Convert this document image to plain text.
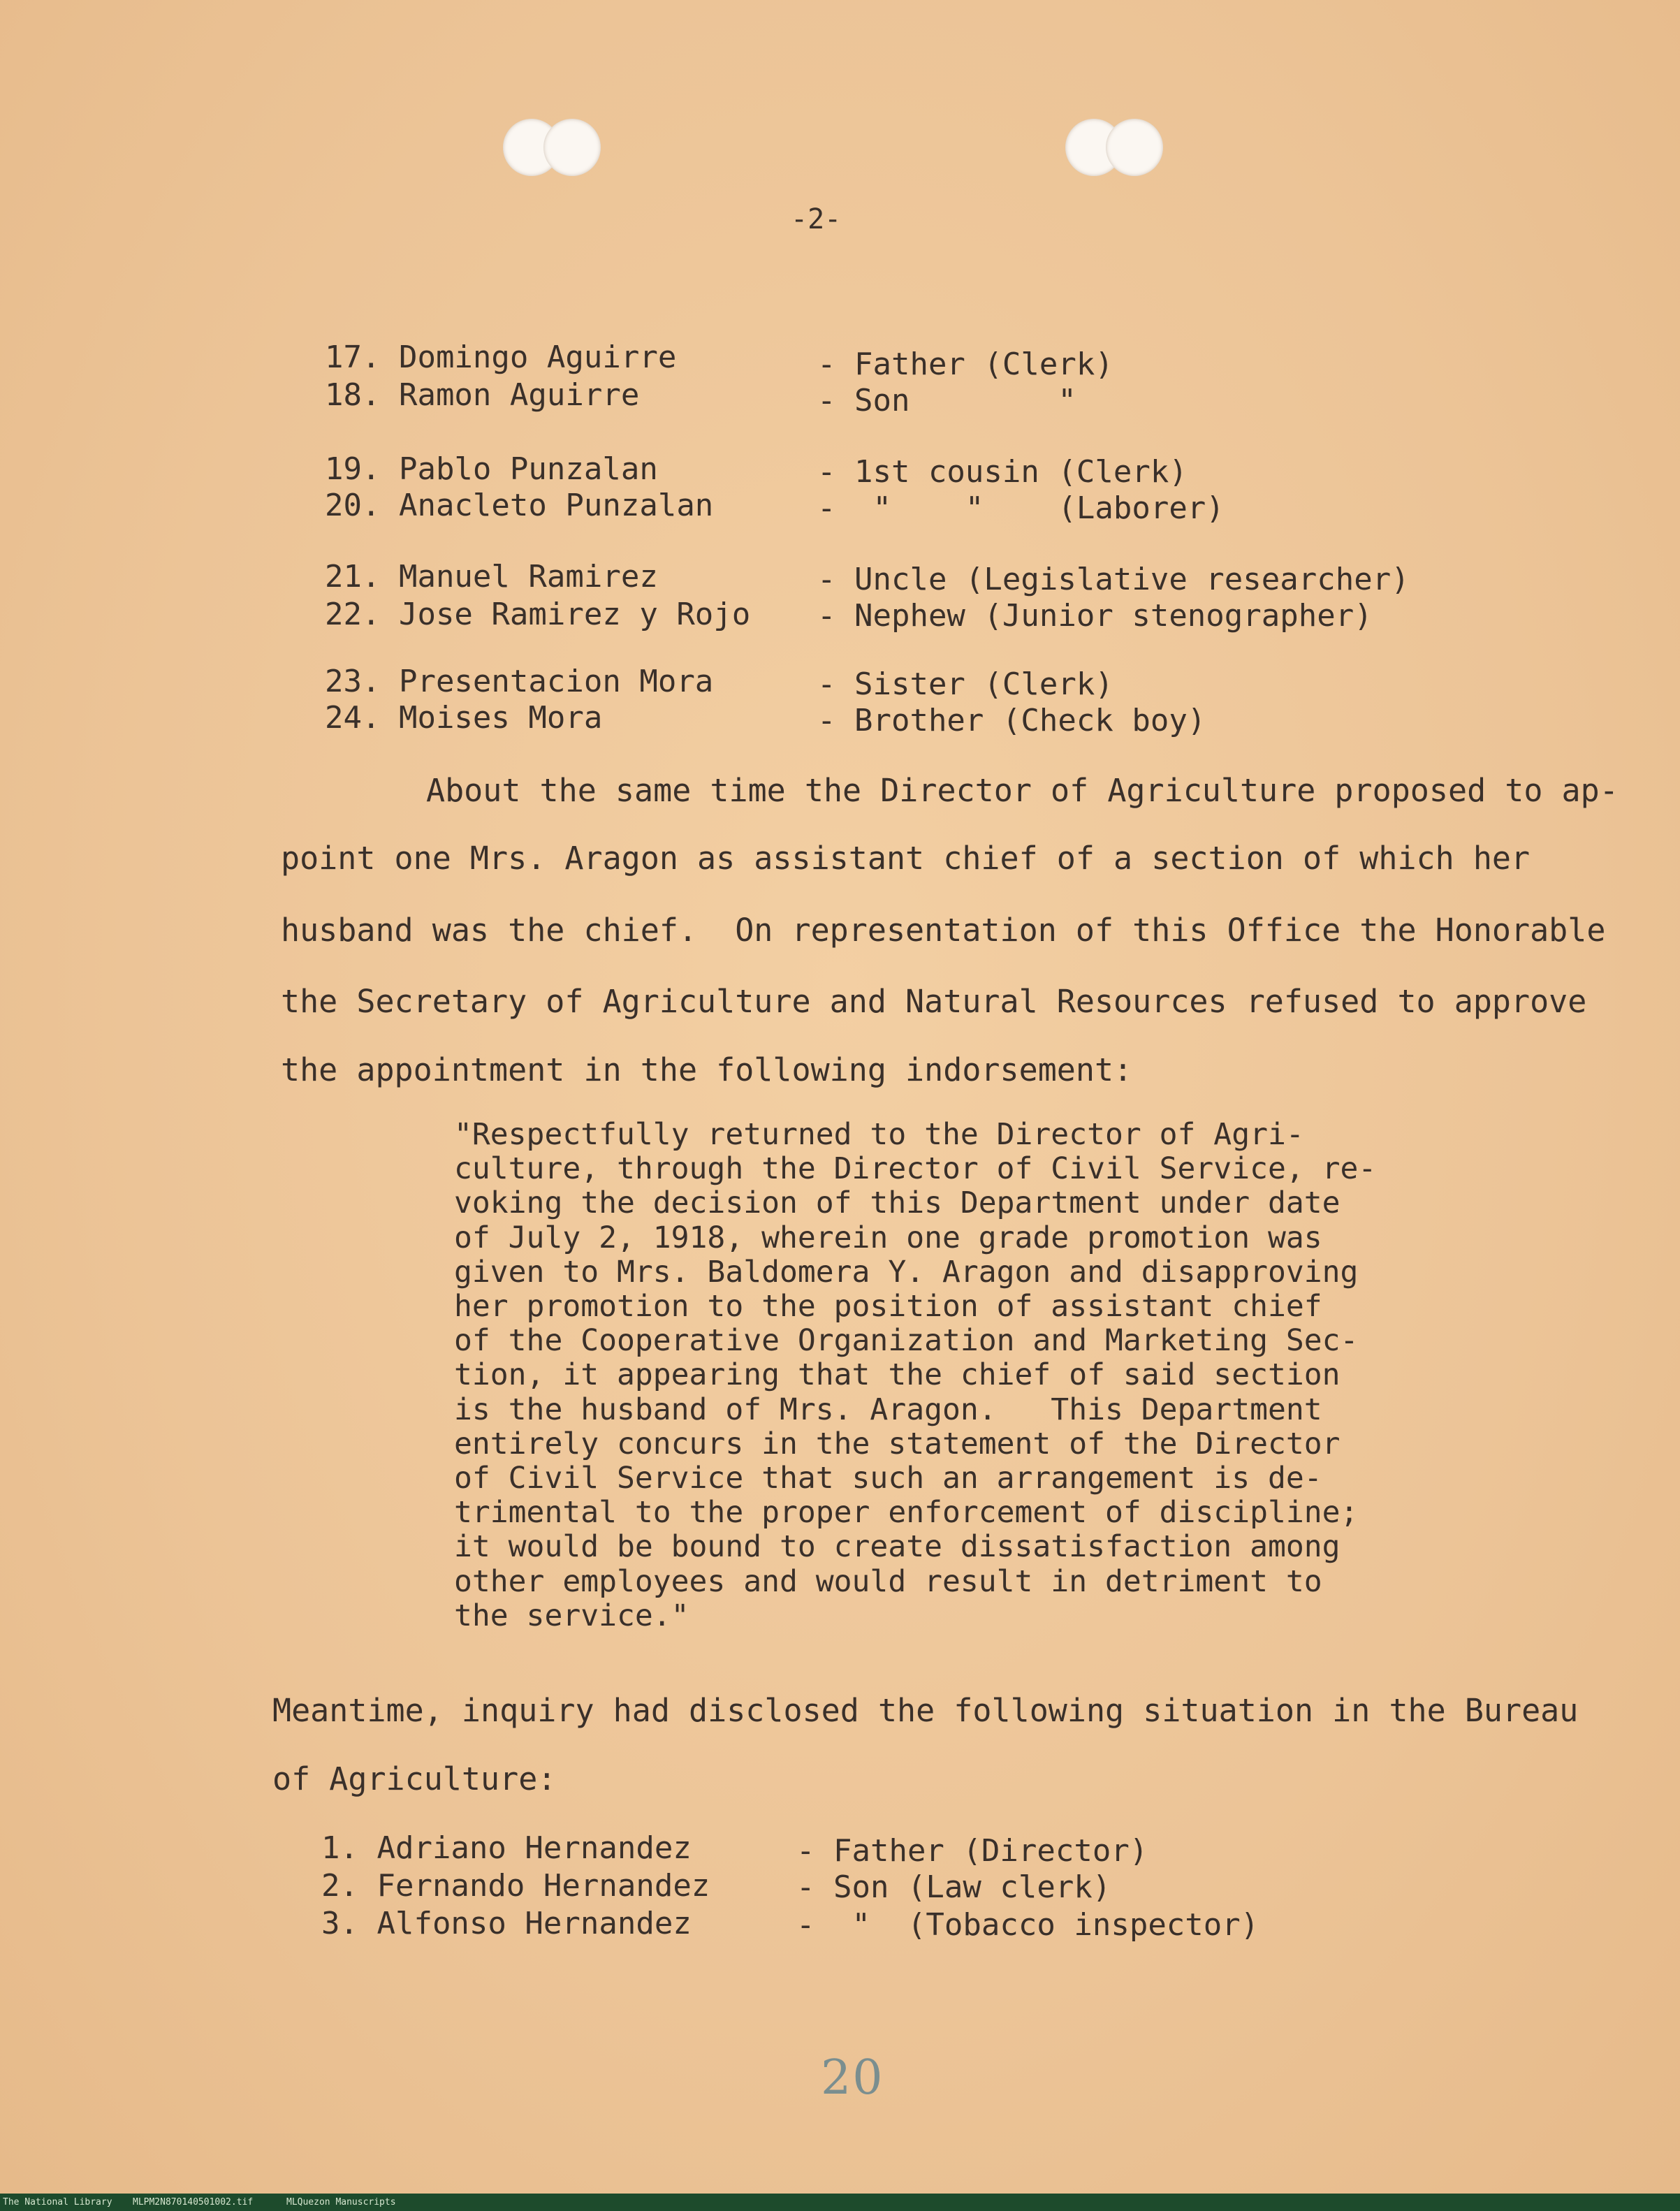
-2-
17. Domingo Aguirre	- Father (Clerk)
18. Ramon Aguirre	- Son        "
19. Pablo Punzalan	- 1st cousin (Clerk)
20. Anacleto Punzalan	-  "    "    (Laborer)
21. Manuel Ramirez	- Uncle (Legislative researcher)
22. Jose Ramirez y Rojo - Nephew (Junior stenographer)
23. Presentacion Mora	- Sister (Clerk)
24. Moises Mora	- Brother (Check boy)
About the same time the Director of Agriculture proposed to ap-
point one Mrs. Aragon as assistant chief of a section of which her
husband was the chief.  On representation of this Office the Honorable
the Secretary of Agriculture and Natural Resources refused to approve
the appointment in the following indorsement:
"Respectfully returned to the Director of Agri-
culture, through the Director of Civil Service, re-
voking the decision of this Department under date
of July 2, 1918, wherein one grade promotion was
given to Mrs. Baldomera Y. Aragon and disapproving
her promotion to the position of assistant chief
of the Cooperative Organization and Marketing Sec-
tion, it appearing that the chief of said section
is the husband of Mrs. Aragon.   This Department
entirely concurs in the statement of the Director
of Civil Service that such an arrangement is de-
trimental to the proper enforcement of discipline;
it would be bound to create dissatisfaction among
other employees and would result in detriment to
the service."
Meantime, inquiry had disclosed the following situation in the Bureau
of Agriculture:
1. Adriano Hernandez	- Father (Director)
2. Fernando Hernandez	- Son (Law clerk)
3. Alfonso Hernandez	-  "  (Tobacco inspector)
20
The National Library MLPM2N870140501002.tif	MLQuezon Manuscripts
